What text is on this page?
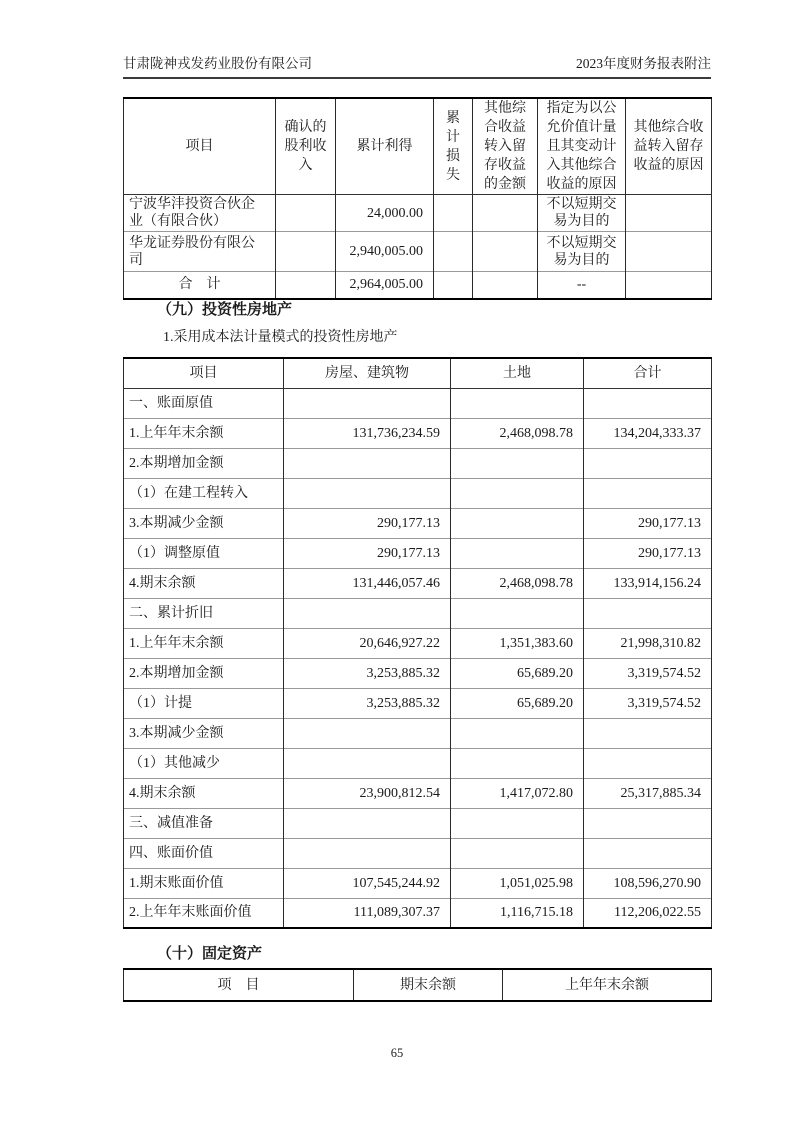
甘肃陇神戎发药业股份有限公司	2023年度财务报表附注
项目	确认的股利收入	累计利得	累计损失	其他综合收益转入留存收益的金额	指定为以公允价值计量且其变动计入其他综合收益的原因	其他综合收益转入留存收益的原因
宁波华沣投资合伙企业（有限合伙）		24,000.00			不以短期交易为目的	
华龙证券股份有限公司		2,940,005.00			不以短期交易为目的	
合　计		2,964,005.00			--	
（九）投资性房地产
1.采用成本法计量模式的投资性房地产
项目	房屋、建筑物	土地	合计
一、账面原值			
1.上年年末余额	131,736,234.59	2,468,098.78	134,204,333.37
2.本期增加金额			
（1）在建工程转入			
3.本期减少金额	290,177.13		290,177.13
（1）调整原值	290,177.13		290,177.13
4.期末余额	131,446,057.46	2,468,098.78	133,914,156.24
二、累计折旧			
1.上年年末余额	20,646,927.22	1,351,383.60	21,998,310.82
2.本期增加金额	3,253,885.32	65,689.20	3,319,574.52
（1）计提	3,253,885.32	65,689.20	3,319,574.52
3.本期减少金额			
（1）其他减少			
4.期末余额	23,900,812.54	1,417,072.80	25,317,885.34
三、减值准备			
四、账面价值			
1.期末账面价值	107,545,244.92	1,051,025.98	108,596,270.90
2.上年年末账面价值	111,089,307.37	1,116,715.18	112,206,022.55
（十）固定资产
项　目	期末余额	上年年末余额
65
